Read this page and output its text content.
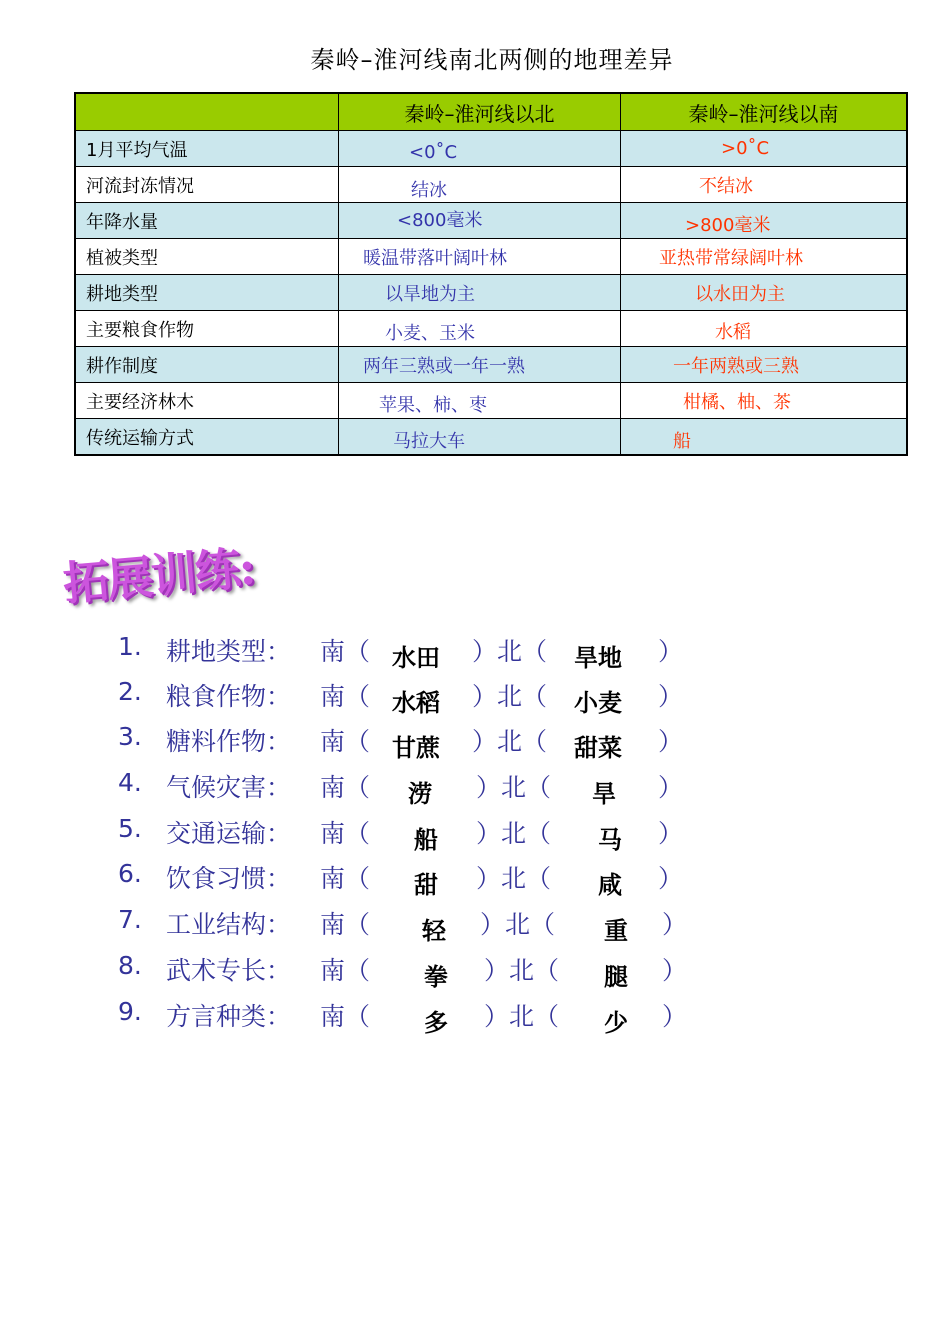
秦岭–淮河线南北两侧的地理差异
	秦岭–淮河线以北	秦岭–淮河线以南
1月平均气温	<0˚C	>0˚C
河流封冻情况	结冰	不结冰
年降水量	<800毫米	>800毫米
植被类型	暖温带落叶阔叶林	亚热带常绿阔叶林
耕地类型	以旱地为主	以水田为主
主要粮食作物	小麦、玉米	水稻
耕作制度	两年三熟或一年一熟	一年两熟或三熟
主要经济林木	苹果、柿、枣	柑橘、柚、茶
传统运输方式	马拉大车	船
拓展训练:
1. 耕地类型： 南（ 水田 ）北（ 旱地 ）
2. 粮食作物： 南（ 水稻 ）北（ 小麦 ）
3. 糖料作物： 南（ 甘蔗 ）北（ 甜菜 ）
4. 气候灾害： 南（ 涝 ）北（ 旱 ）
5. 交通运输： 南（ 船 ）北（ 马 ）
6. 饮食习惯： 南（ 甜 ）北（ 咸 ）
7. 工业结构： 南（ 轻 ）北（ 重 ）
8. 武术专长： 南（ 拳 ）北（ 腿 ）
9. 方言种类： 南（ 多 ）北（ 少 ）
